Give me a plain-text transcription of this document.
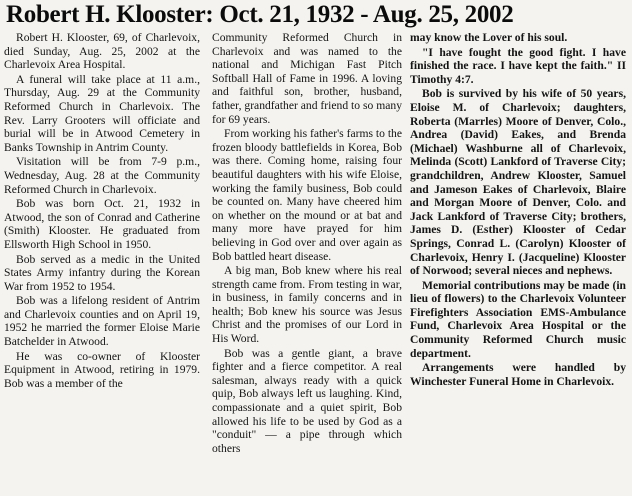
Robert H. Klooster: Oct. 21, 1932 - Aug. 25, 2002

Robert H. Klooster, 69, of Charlevoix, died Sunday, Aug. 25, 2002 at the Charlevoix Area Hospital.

A funeral will take place at 11 a.m., Thursday, Aug. 29 at the Community Reformed Church in Charlevoix. The Rev. Larry Grooters will officiate and burial will be in Atwood Cemetery in Banks Township in Antrim County.

Visitation will be from 7-9 p.m., Wednesday, Aug. 28 at the Community Reformed Church in Charlevoix.

Bob was born Oct. 21, 1932 in Atwood, the son of Conrad and Catherine (Smith) Klooster. He graduated from Ellsworth High School in 1950.

Bob served as a medic in the United States Army infantry during the Korean War from 1952 to 1954.

Bob was a lifelong resident of Antrim and Charlevoix counties and on April 19, 1952 he married the former Eloise Marie Batchelder in Atwood.

He was co-owner of Klooster Equipment in Atwood, retiring in 1979. Bob was a member of the

Community Reformed Church in Charlevoix and was named to the national and Michigan Fast Pitch Softball Hall of Fame in 1996. A loving and faithful son, brother, husband, father, grandfather and friend to so many for 69 years.

From working his father's farms to the frozen bloody battlefields in Korea, Bob was there. Coming home, raising four beautiful daughters with his wife Eloise, working the family business, Bob could be counted on. Many have cheered him on whether on the mound or at bat and many more have prayed for him believing in God over and over again as Bob battled heart disease.

A big man, Bob knew where his real strength came from. From testing in war, in business, in family concerns and in health; Bob knew his source was Jesus Christ and the promises of our Lord in His Word.

Bob was a gentle giant, a brave fighter and a fierce competitor. A real salesman, always ready with a quick quip, Bob always left us laughing. Kind, compassionate and a quiet spirit, Bob allowed his life to be used by God as a "conduit" — a pipe through which others

may know the Lover of his soul.

"I have fought the good fight. I have finished the race. I have kept the faith." II Timothy 4:7.

Bob is survived by his wife of 50 years, Eloise M. of Charlevoix; daughters, Roberta (Marrles) Moore of Denver, Colo., Andrea (David) Eakes, and Brenda (Michael) Washburne all of Charlevoix, Melinda (Scott) Lankford of Traverse City; grandchildren, Andrew Klooster, Samuel and Jameson Eakes of Charlevoix, Blaire and Morgan Moore of Denver, Colo. and Jack Lankford of Traverse City; brothers, James D. (Esther) Klooster of Cedar Springs, Conrad L. (Carolyn) Klooster of Charlevoix, Henry I. (Jacqueline) Klooster of Norwood; several nieces and nephews.

Memorial contributions may be made (in lieu of flowers) to the Charlevoix Volunteer Firefighters Association EMS-Ambulance Fund, Charlevoix Area Hospital or the Community Reformed Church music department.

Arrangements were handled by Winchester Funeral Home in Charlevoix.
